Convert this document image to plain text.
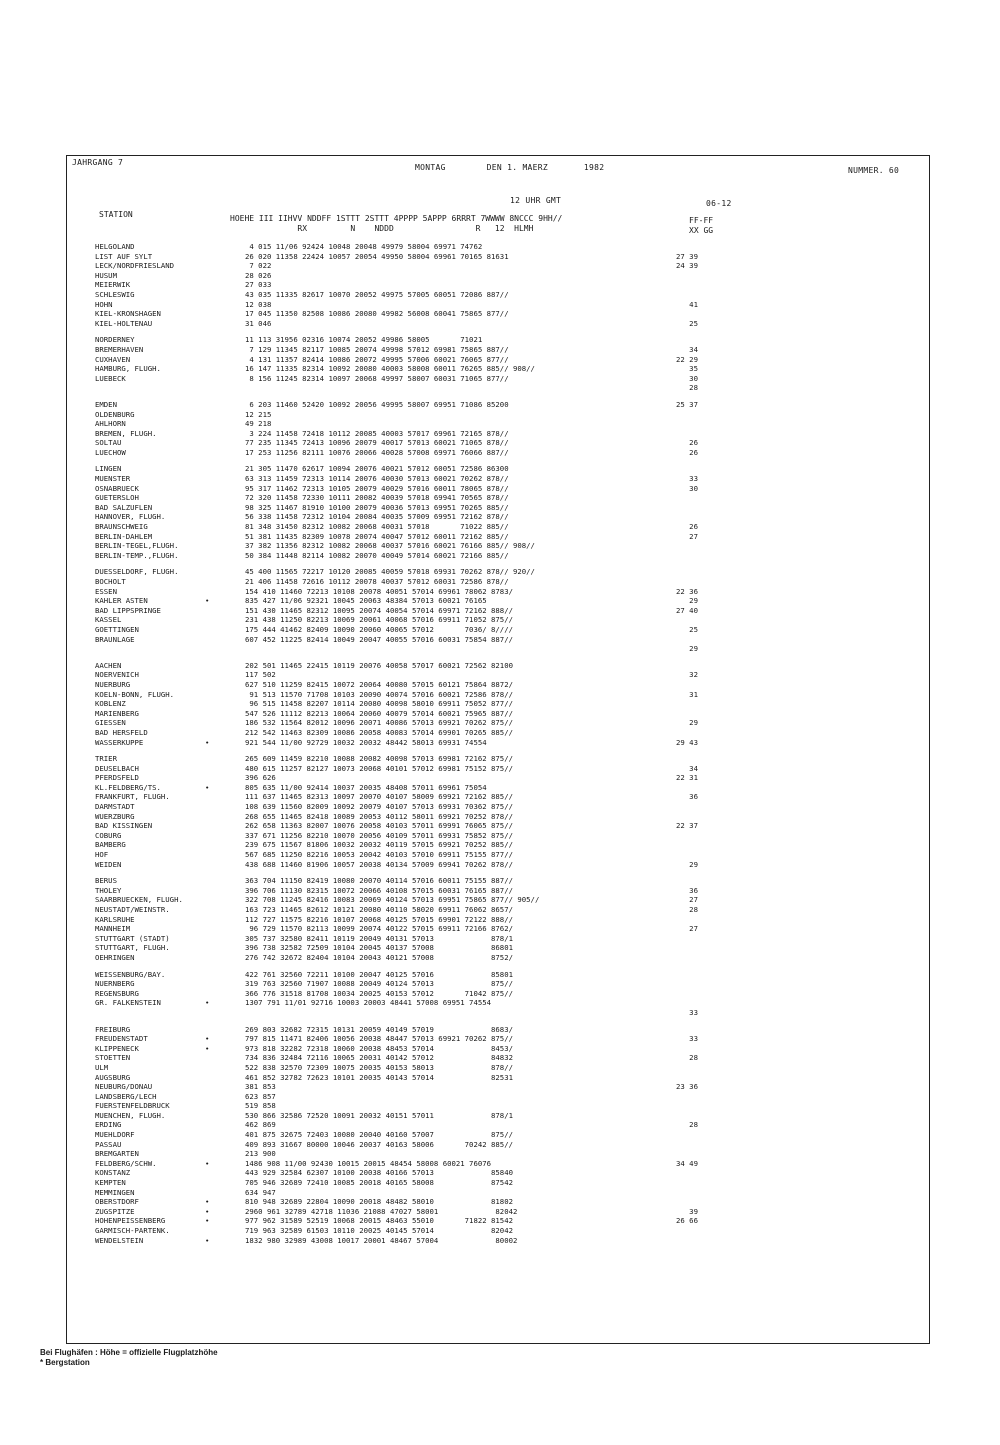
JAHRGANG 7
MONTAG        DEN 1. MAERZ       1982	NUMMER. 60
12 UHR GMT	06-12
STATION	HOEHE III IIHVV NDDFF 1STTT 2STTT 4PPPP 5APPP 6RRRT 7WWWW 8NCCC 9HH//
RX         N    NDDD                 R   12  HLMH
FF-FF
XX GG
HELGOLAND	4 015 11/06 92424 10048 20048 49979 58004 69971 74762
LIST AUF SYLT	26 020 11358 22424 10057 20054 49950 58004 69961 70165 81631	27 39
LECK/NORDFRIESLAND	7 022	24 39
HUSUM	28 026
MEIERWIK	27 033
SCHLESWIG	43 035 11335 82617 10070 20052 49975 57005 60051 72086 887//
HOHN	12 038	41
KIEL-KRONSHAGEN	17 045 11350 82508 10086 20080 49982 56008 60041 75865 877//
KIEL-HOLTENAU	31 046	25
NORDERNEY	11 113 31956 02316 10074 20052 49986 58005       71021
BREMERHAVEN	7 129 11345 82117 10085 20074 49998 57012 69981 75865 887//	34
CUXHAVEN	4 131 11357 82414 10086 20072 49995 57006 60021 76065 877//	22 29
HAMBURG, FLUGH.	16 147 11335 82314 10092 20080 40003 58008 60011 76265 885// 908//	35
LUEBECK	8 156 11245 82314 10097 20068 49997 58007 60031 71065 877//	30
28
EMDEN	6 203 11460 52420 10092 20056 49995 58007 69951 71086 85200	25 37
OLDENBURG	12 215
AHLHORN	49 218
BREMEN, FLUGH.	3 224 11458 72418 10112 20085 40003 57017 69961 72165 878//
SOLTAU	77 235 11345 72413 10096 20079 40017 57013 60021 71065 878//	26
LUECHOW	17 253 11256 82111 10076 20066 40028 57008 69971 76066 887//	26
LINGEN	21 305 11470 62617 10094 20076 40021 57012 60051 72586 86300
MUENSTER	63 313 11459 72313 10114 20076 40030 57013 60021 70262 878//	33
OSNABRUECK	95 317 11462 72313 10105 20079 40029 57016 60011 78065 878//	30
GUETERSLOH	72 320 11458 72330 10111 20082 40039 57018 69941 70565 878//
BAD SALZUFLEN	98 325 11467 81910 10100 20079 40036 57013 69951 70265 885//
HANNOVER, FLUGH.	56 338 11458 72312 10104 20084 40035 57009 69951 72162 878//
BRAUNSCHWEIG	81 348 31450 82312 10082 20068 40031 57018       71022 885//	26
BERLIN-DAHLEM	51 381 11435 82309 10078 20074 40047 57012 60011 72162 885//	27
BERLIN-TEGEL,FLUGH.	37 382 11356 82312 10082 20068 40037 57016 60021 76166 885// 908//
BERLIN-TEMP.,FLUGH.	50 384 11448 82114 10082 20070 40049 57014 60021 72166 885//
DUESSELDORF, FLUGH.	45 400 11565 72217 10120 20085 40059 57018 69931 70262 878// 920//
BOCHOLT	21 406 11458 72616 10112 20078 40037 57012 60031 72586 878//
ESSEN	154 410 11460 72213 10108 20078 40051 57014 69961 78062 8783/	22 36
KAHLER ASTEN	•	835 427 11/06 92321 10045 20063 48384 57013 60021 76165	29
BAD LIPPSPRINGE	151 430 11465 82312 10095 20074 40054 57014 69971 72162 888//	27 40
KASSEL	231 438 11250 82213 10069 20061 40068 57016 69911 71052 875//
GOETTINGEN	175 444 41462 82409 10090 20060 40065 57012       7036/ 8////	25
BRAUNLAGE	607 452 11225 82414 10049 20047 40055 57016 60031 75854 887//
29
AACHEN	202 501 11465 22415 10119 20076 40058 57017 60021 72562 82100
NOERVENICH	117 502	32
NUERBURG	627 510 11259 82415 10072 20064 40080 57015 60121 75864 8872/
KOELN-BONN, FLUGH.	91 513 11570 71708 10103 20090 40074 57016 60021 72586 878//	31
KOBLENZ	96 515 11458 82207 10114 20080 40098 58010 69911 75052 877//
MARIENBERG	547 526 11112 82213 10064 20060 40079 57014 60021 75965 887//
GIESSEN	186 532 11564 82012 10096 20071 40086 57013 69921 70262 875//	29
BAD HERSFELD	212 542 11463 82309 10086 20058 40083 57014 69901 70265 885//
WASSERKUPPE	•	921 544 11/00 92729 10032 20032 48442 58013 69931 74554	29 43
TRIER	265 609 11459 82210 10088 20082 40098 57013 69981 72162 875//
DEUSELBACH	480 615 11257 82127 10073 20068 40101 57012 69981 75152 875//	34
PFERDSFELD	396 626	22 31
KL.FELDBERG/TS.	•	805 635 11/00 92414 10037 20035 48408 57011 69961 75054
FRANKFURT, FLUGH.	111 637 11465 82313 10097 20070 40107 58009 69921 72162 885//	36
DARMSTADT	108 639 11560 82009 10092 20079 40107 57013 69931 70362 875//
WUERZBURG	268 655 11465 82418 10089 20053 40112 58011 69921 70252 878//
BAD KISSINGEN	262 658 11363 82007 10076 20058 40103 57011 69991 76065 875//	22 37
COBURG	337 671 11256 82210 10070 20056 40109 57011 69931 75852 875//
BAMBERG	239 675 11567 81806 10032 20032 40119 57015 69921 70252 885//
HOF	567 685 11250 82216 10053 20042 40103 57010 69911 75155 877//
WEIDEN	438 688 11460 81906 10057 20038 40134 57009 69941 70262 878//	29
BERUS	363 704 11150 82419 10080 20070 40114 57016 60011 75155 887//
THOLEY	396 706 11130 82315 10072 20066 40108 57015 60031 76165 887//	36
SAARBRUECKEN, FLUGH.	322 708 11245 82416 10083 20069 40124 57013 69951 75865 877// 905//	27
NEUSTADT/WEINSTR.	163 723 11465 82612 10121 20080 40110 58020 69911 76062 8657/	28
KARLSRUHE	112 727 11575 82216 10107 20068 40125 57015 69901 72122 888//
MANNHEIM	96 729 11570 82113 10099 20074 40122 57015 69911 72166 8762/	27
STUTTGART (STADT)	305 737 32580 82411 10119 20049 40131 57013             878/1
STUTTGART, FLUGH.	396 738 32582 72509 10104 20045 40137 57008             86801
OEHRINGEN	276 742 32672 82404 10104 20043 40121 57008             8752/
WEISSENBURG/BAY.	422 761 32560 72211 10100 20047 40125 57016             85801
NUERNBERG	319 763 32560 71907 10088 20049 40124 57013             875//
REGENSBURG	366 776 31518 81708 10034 20025 40153 57012       71042 875//
GR. FALKENSTEIN	•	1307 791 11/01 92716 10003 20003 48441 57008 69951 74554
33
FREIBURG	269 803 32682 72315 10131 20059 40149 57019             8683/
FREUDENSTADT	•	797 815 11471 82406 10056 20038 48447 57013 69921 70262 875//	33
KLIPPENECK	•	973 818 32282 72318 10060 20038 48453 57014             8453/
STOETTEN	734 836 32484 72116 10065 20031 40142 57012             84832	28
ULM	522 838 32570 72309 10075 20035 40153 58013             878//
AUGSBURG	461 852 32782 72623 10101 20035 40143 57014             82531
NEUBURG/DONAU	381 853	23 36
LANDSBERG/LECH	623 857
FUERSTENFELDBRUCK	519 858
MUENCHEN, FLUGH.	530 866 32586 72520 10091 20032 40151 57011             878/1
ERDING	462 869	28
MUEHLDORF	401 875 32675 72403 10080 20040 40160 57007             875//
PASSAU	409 893 31667 80000 10046 20037 40163 58006       70242 885//
BREMGARTEN	213 900
FELDBERG/SCHW.	•	1486 908 11/00 92430 10015 20015 48454 58008 60021 76076	34 49
KONSTANZ	443 929 32584 62307 10100 20038 40166 57013             85840
KEMPTEN	705 946 32689 72410 10085 20018 40165 58008             87542
MEMMINGEN	634 947
OBERSTDORF	•	810 948 32689 22804 10090 20018 48482 58010             81802
ZUGSPITZE	•	2960 961 32789 42718 11036 21088 47027 58001             82042	39
HOHENPEISSENBERG	•	977 962 31589 52519 10068 20015 48463 55010       71822 81542	26 66
GARMISCH-PARTENK.	719 963 32589 61503 10110 20025 40145 57014             82042
WENDELSTEIN	•	1832 980 32989 43008 10017 20001 48467 57004             80002
Bei Flughäfen : Höhe = offizielle Flugplatzhöhe
* Bergstation
